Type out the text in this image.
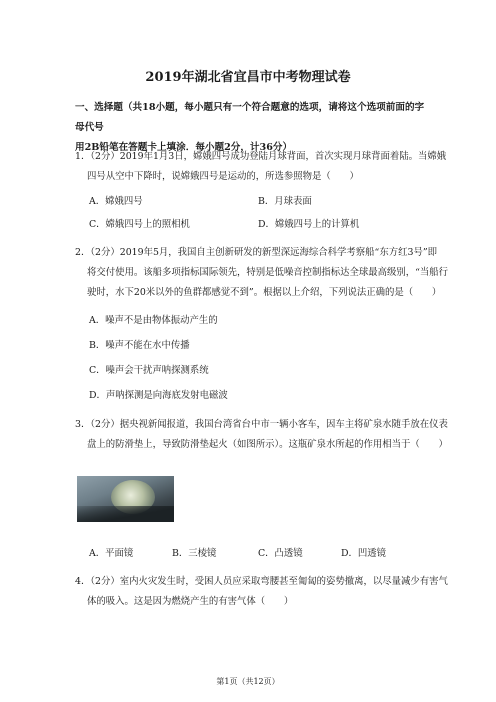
2019年湖北省宜昌市中考物理试卷
一、选择题（共18小题，每小题只有一个符合题意的选项，请将这个选项前面的字母代号
用2B铅笔在答题卡上填涂．每小题2分，计36分）
1．（2分）2019年1月3日，嫦娥四号成功登陆月球背面，首次实现月球背面着陆。当嫦娥
四号从空中下降时，说嫦娥四号是运动的，所选参照物是（　　）
A．嫦娥四号	B．月球表面
C．嫦娥四号上的照相机	D．嫦娥四号上的计算机
2．（2分）2019年5月，我国自主创新研发的新型深远海综合科学考察船“东方红3号”即
将交付使用。该船多项指标国际领先，特别是低噪音控制指标达全球最高级别，“当船行
驶时，水下20米以外的鱼群都感觉不到”。根据以上介绍，下列说法正确的是（　　）
A．噪声不是由物体振动产生的
B．噪声不能在水中传播
C．噪声会干扰声呐探测系统
D．声呐探测是向海底发射电磁波
3．（2分）据央视新闻报道，我国台湾省台中市一辆小客车，因车主将矿泉水随手放在仪表
盘上的防滑垫上，导致防滑垫起火（如图所示）。这瓶矿泉水所起的作用相当于（　　）
A．平面镜	B．三棱镜	C．凸透镜	D．凹透镜
4．（2分）室内火灾发生时，受困人员应采取弯腰甚至匍匐的姿势撤离，以尽量减少有害气
体的吸入。这是因为燃烧产生的有害气体（　　）
第1页（共12页）
